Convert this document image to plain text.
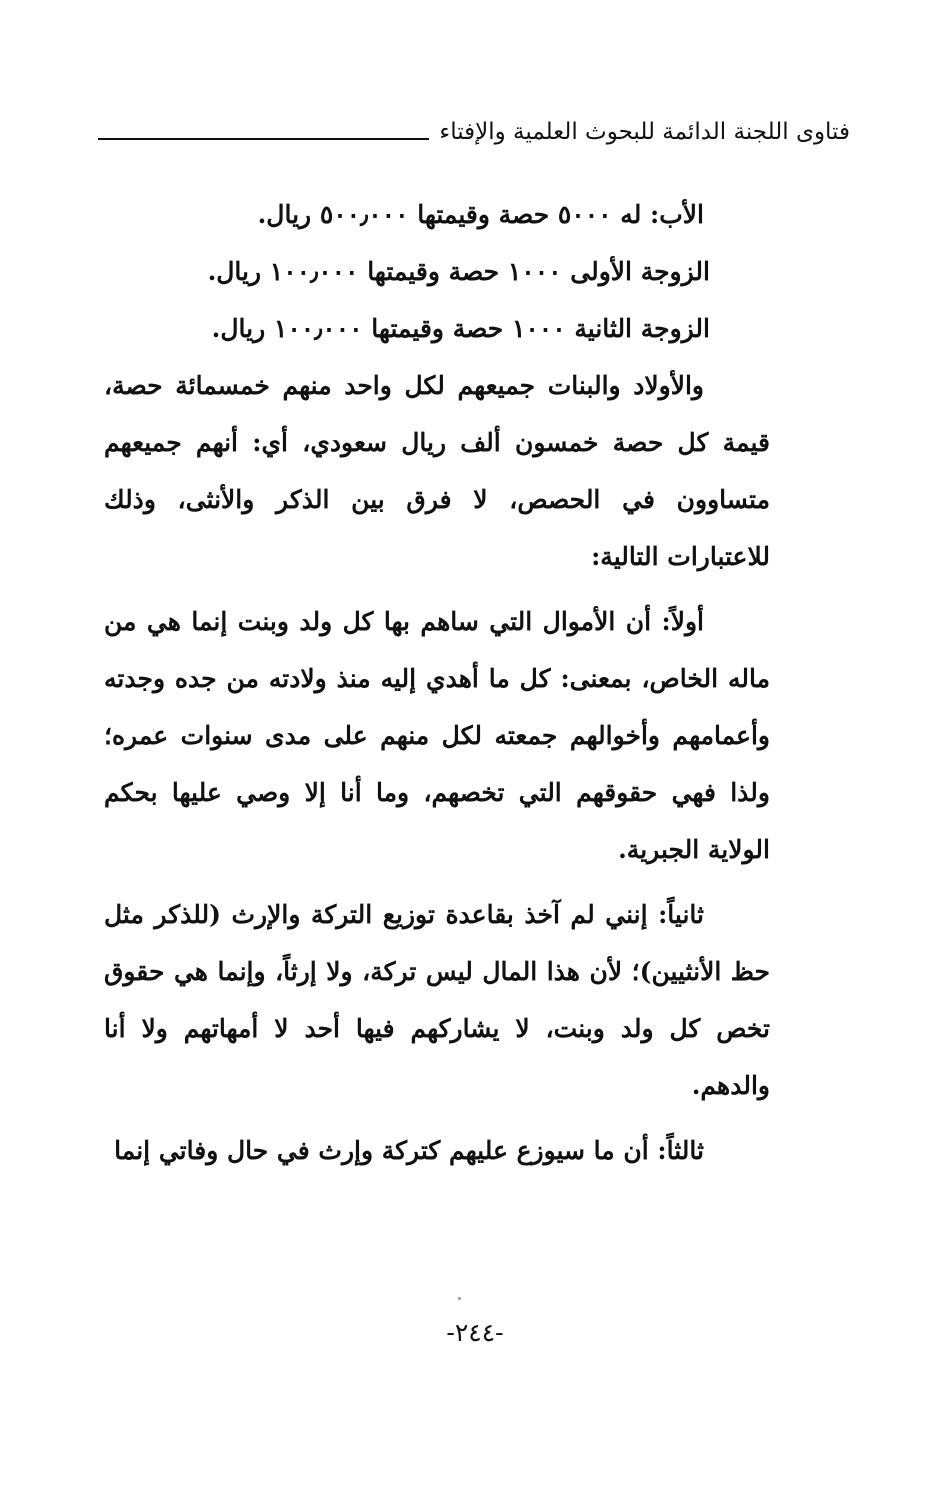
فتاوى اللجنة الدائمة للبحوث العلمية والإفتاء

الأب: له ٥٠٠٠ حصة وقيمتها ٥٠٠٫٠٠٠ ريال.

الزوجة الأولى ١٠٠٠ حصة وقيمتها ١٠٠٫٠٠٠ ريال.

الزوجة الثانية ١٠٠٠ حصة وقيمتها ١٠٠٫٠٠٠ ريال.

والأولاد والبنات جميعهم لكل واحد منهم خمسمائة حصة، قيمة كل حصة خمسون ألف ريال سعودي، أي: أنهم جميعهم متساوون في الحصص، لا فرق بين الذكر والأنثى، وذلك للاعتبارات التالية:

أولاً: أن الأموال التي ساهم بها كل ولد وبنت إنما هي من ماله الخاص، بمعنى: كل ما أهدي إليه منذ ولادته من جده وجدته وأعمامهم وأخوالهم جمعته لكل منهم على مدى سنوات عمره؛ ولذا فهي حقوقهم التي تخصهم، وما أنا إلا وصي عليها بحكم الولاية الجبرية.

ثانياً: إنني لم آخذ بقاعدة توزيع التركة والإرث (للذكر مثل حظ الأنثيين)؛ لأن هذا المال ليس تركة، ولا إرثاً، وإنما هي حقوق تخص كل ولد وبنت، لا يشاركهم فيها أحد لا أمهاتهم ولا أنا والدهم.

ثالثاً: أن ما سيوزع عليهم كتركة وإرث في حال وفاتي إنما

-٢٤٤-
